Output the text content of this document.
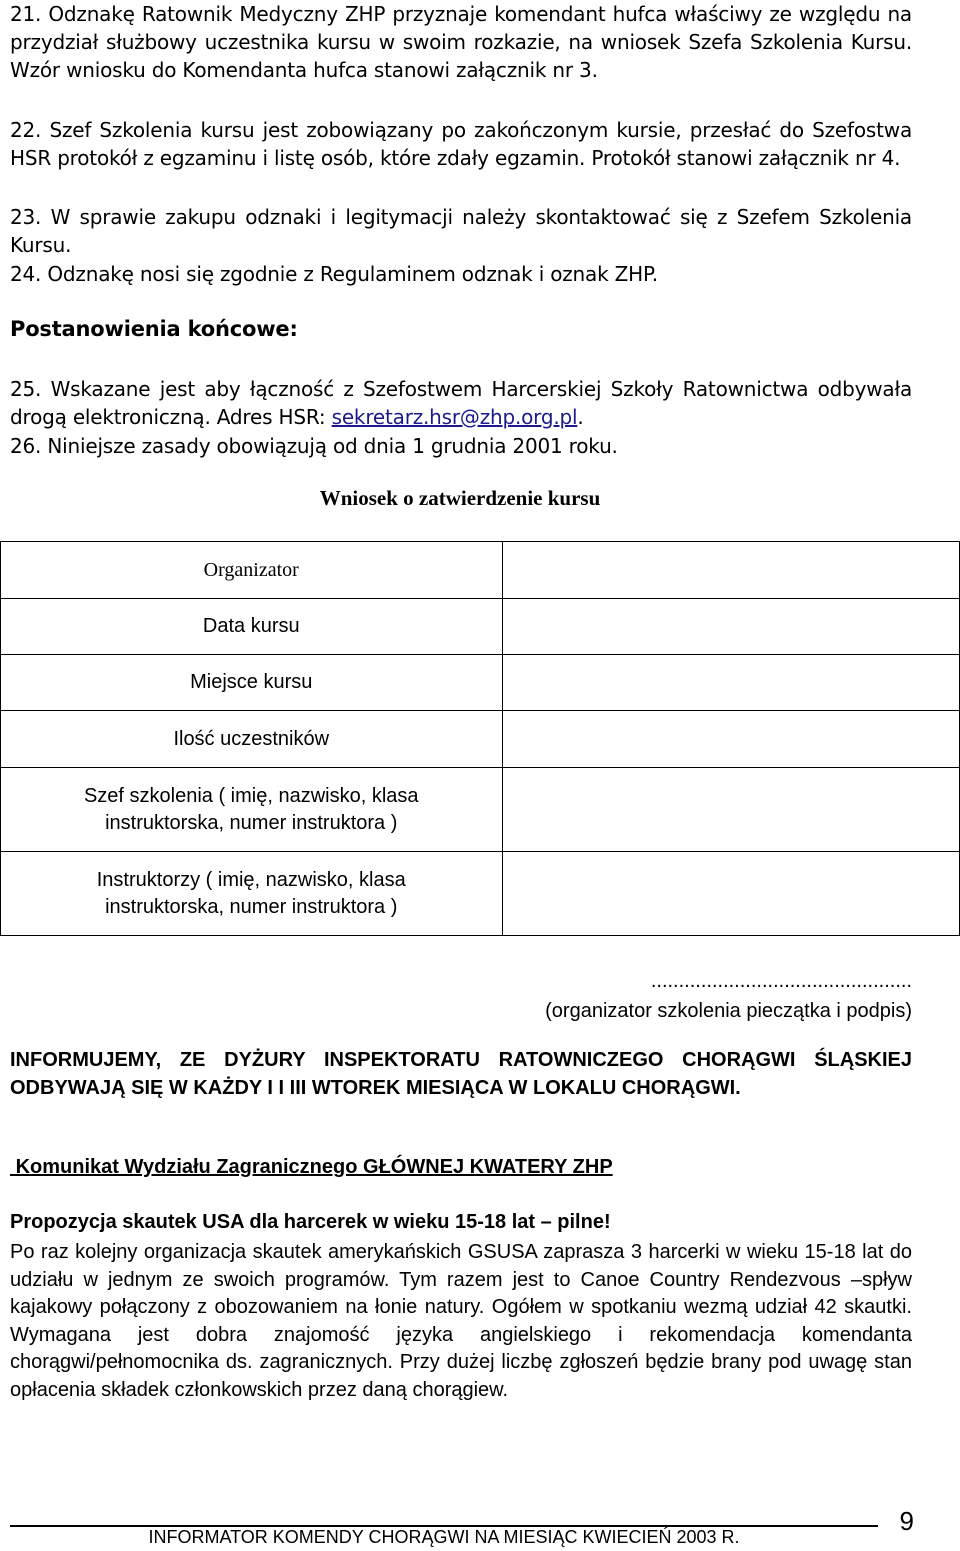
21. Odznakę Ratownik Medyczny ZHP przyznaje komendant hufca właściwy ze względu na przydział służbowy uczestnika kursu w swoim rozkazie, na wniosek Szefa Szkolenia Kursu. Wzór wniosku do Komendanta hufca stanowi załącznik nr 3.
22. Szef Szkolenia kursu jest zobowiązany po zakończonym kursie, przesłać do Szefostwa HSR protokół z egzaminu i listę osób, które zdały egzamin. Protokół stanowi załącznik nr 4.
23. W sprawie zakupu odznaki i legitymacji należy skontaktować się z Szefem Szkolenia Kursu.
24. Odznakę nosi się zgodnie z Regulaminem odznak i oznak ZHP.
Postanowienia końcowe:
25. Wskazane jest aby łączność z Szefostwem Harcerskiej Szkoły Ratownictwa odbywała drogą elektroniczną. Adres HSR: sekretarz.hsr@zhp.org.pl.
26. Niniejsze zasady obowiązują od dnia 1 grudnia 2001 roku.
Wniosek o zatwierdzenie kursu
Organizator	
Data kursu	
Miejsce kursu	
Ilość uczestników	
Szef szkolenia ( imię, nazwisko, klasa instruktorska, numer instruktora )	
Instruktorzy ( imię, nazwisko, klasa instruktorska, numer instruktora )	
...............................................
(organizator szkolenia pieczątka i podpis)
INFORMUJEMY, ZE DYŻURY INSPEKTORATU RATOWNICZEGO CHORĄGWI ŚLĄSKIEJ ODBYWAJĄ SIĘ W KAŻDY I I III WTOREK MIESIĄCA W LOKALU CHORĄGWI.
Komunikat Wydziału Zagranicznego GŁÓWNEJ KWATERY ZHP
Propozycja skautek USA dla harcerek w wieku 15-18 lat – pilne!
Po raz kolejny organizacja skautek amerykańskich GSUSA zaprasza 3 harcerki w wieku 15-18 lat do udziału w jednym ze swoich programów. Tym razem jest to Canoe Country Rendezvous –spływ kajakowy połączony z obozowaniem na łonie natury. Ogółem w spotkaniu wezmą udział 42 skautki. Wymagana jest dobra znajomość języka angielskiego i rekomendacja komendanta chorągwi/pełnomocnika ds. zagranicznych. Przy dużej liczbę zgłoszeń będzie brany pod uwagę stan opłacenia składek członkowskich przez daną chorągiew.
INFORMATOR KOMENDY CHORĄGWI NA MIESIĄC KWIECIEŃ 2003 R.
9
